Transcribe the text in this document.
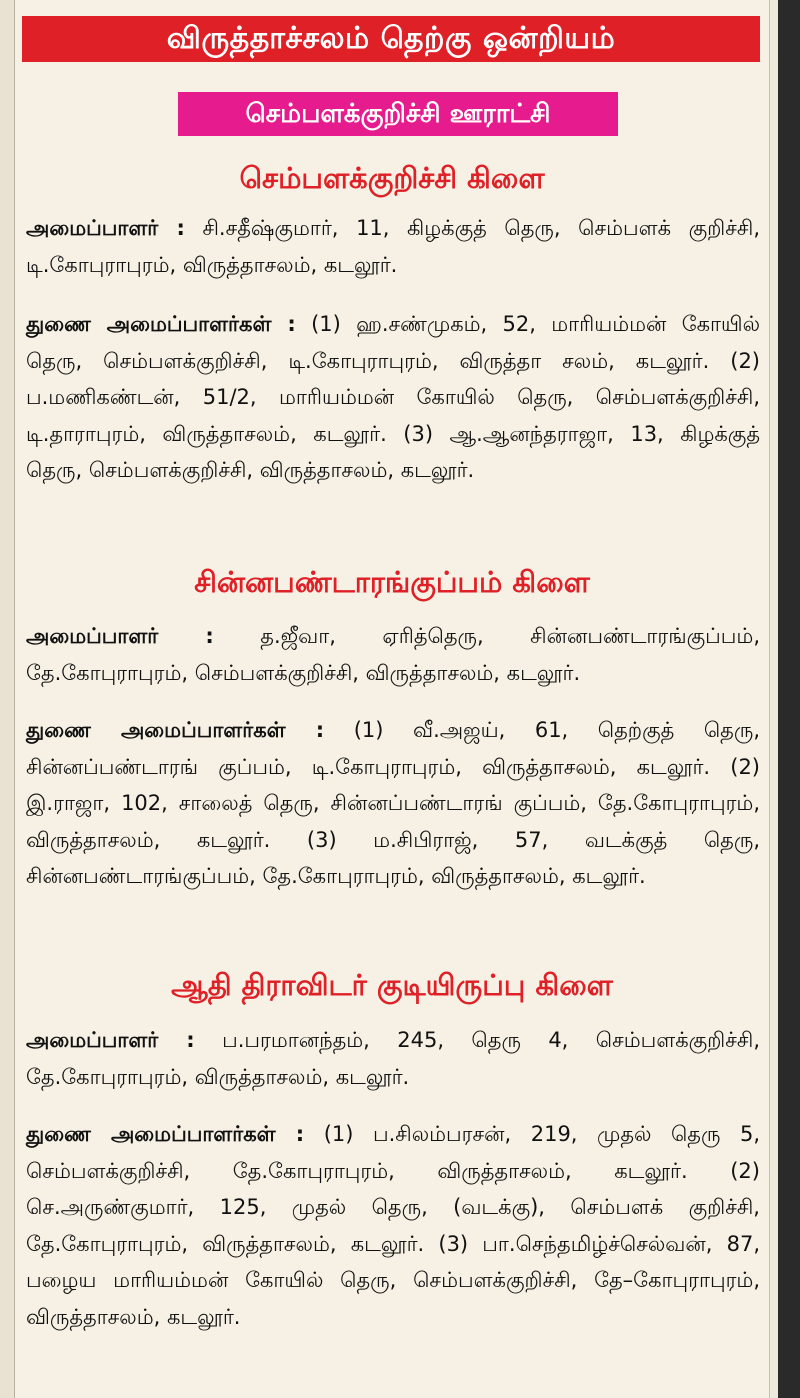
விருத்தாச்சலம் தெற்கு ஒன்றியம்
செம்பளக்குறிச்சி ஊராட்சி
செம்பளக்குறிச்சி கிளை
அமைப்பாளர் : சி.சதீஷ்குமார், 11, கிழக்குத் தெரு, செம்பளக் குறிச்சி, டி.கோபுராபுரம், விருத்தாசலம், கடலூர்.
துணை அமைப்பாளர்கள் : (1) ஹ.சண்முகம், 52, மாரியம்மன் கோயில் தெரு, செம்பளக்குறிச்சி, டி.கோபுராபுரம், விருத்தா சலம், கடலூர். (2) ப.மணிகண்டன், 51/2, மாரியம்மன் கோயில் தெரு, செம்பளக்குறிச்சி, டி.தாராபுரம், விருத்தாசலம், கடலூர். (3) ஆ.ஆனந்தராஜா, 13, கிழக்குத் தெரு, செம்பளக்குறிச்சி, விருத்தாசலம், கடலூர்.
சின்னபண்டாரங்குப்பம் கிளை
அமைப்பாளர் : த.ஜீவா, ஏரித்தெரு, சின்னபண்டாரங்குப்பம், தே.கோபுராபுரம், செம்பளக்குறிச்சி, விருத்தாசலம், கடலூர்.
துணை அமைப்பாளர்கள் : (1) வீ.அஜய், 61, தெற்குத் தெரு, சின்னப்பண்டாரங் குப்பம், டி.கோபுராபுரம், விருத்தாசலம், கடலூர். (2) இ.ராஜா, 102, சாலைத் தெரு, சின்னப்பண்டாரங் குப்பம், தே.கோபுராபுரம், விருத்தாசலம், கடலூர். (3) ம.சிபிராஜ், 57, வடக்குத் தெரு, சின்னபண்டாரங்குப்பம், தே.கோபுராபுரம், விருத்தாசலம், கடலூர்.
ஆதி திராவிடர் குடியிருப்பு கிளை
அமைப்பாளர் : ப.பரமானந்தம், 245, தெரு 4, செம்பளக்குறிச்சி, தே.கோபுராபுரம், விருத்தாசலம், கடலூர்.
துணை அமைப்பாளர்கள் : (1) ப.சிலம்பரசன், 219, முதல் தெரு 5, செம்பளக்குறிச்சி, தே.கோபுராபுரம், விருத்தாசலம், கடலூர். (2) செ.அருண்குமார், 125, முதல் தெரு, (வடக்கு), செம்பளக் குறிச்சி, தே.கோபுராபுரம், விருத்தாசலம், கடலூர். (3) பா.செந்தமிழ்ச்செல்வன், 87, பழைய மாரியம்மன் கோயில் தெரு, செம்பளக்குறிச்சி, தே–கோபுராபுரம், விருத்தாசலம், கடலூர்.
